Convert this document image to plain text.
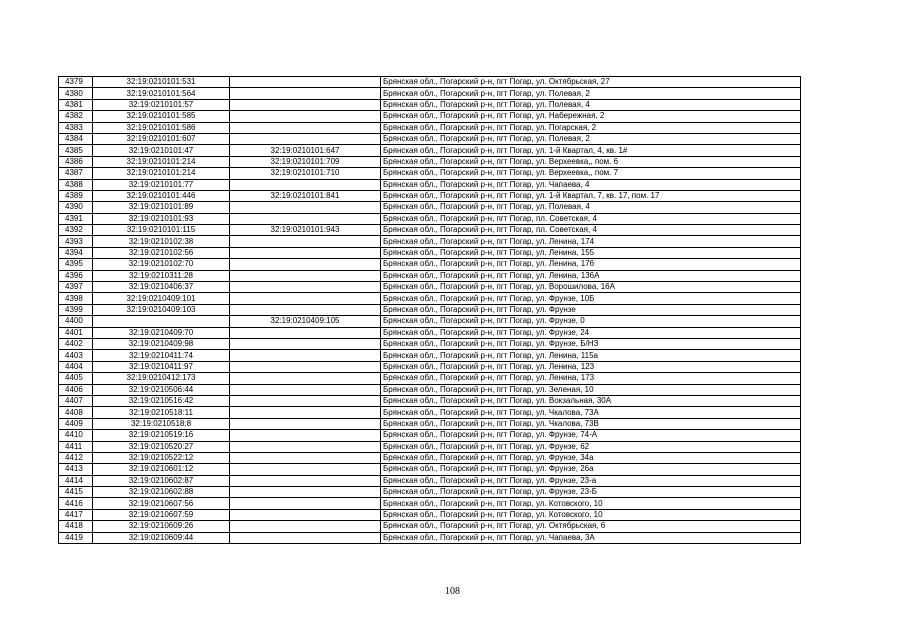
4379	32:19:0210101:531		Брянская обл., Погарский р-н, пгт Погар, ул. Октябрьская, 27
4380	32:19:0210101:564		Брянская обл., Погарский р-н, пгт Погар, ул. Полевая, 2
4381	32:19:0210101:57		Брянская обл., Погарский р-н, пгт Погар, ул. Полевая, 4
4382	32:19:0210101:585		Брянская обл., Погарский р-н, пгт Погар, ул. Набережная, 2
4383	32:19:0210101:586		Брянская обл., Погарский р-н, пгт Погар, ул. Погарская, 2
4384	32:19:0210101:607		Брянская обл., Погарский р-н, пгт Погар, ул. Полевая, 2
4385	32:19:0210101:47	32:19:0210101:647	Брянская обл., Погарский р-н, пгт Погар, ул. 1-й Квартал, 4, кв. 1#
4386	32:19:0210101:214	32:19:0210101:709	Брянская обл., Погарский р-н, пгт Погар, ул. Верхеевка,, пом. 6
4387	32:19:0210101:214	32:19:0210101:710	Брянская обл., Погарский р-н, пгт Погар, ул. Верхеевка,, пом. 7
4388	32:19:0210101:77		Брянская обл., Погарский р-н, пгт Погар, ул. Чапаева, 4
4389	32:19:0210101:446	32:19:0210101:841	Брянская обл., Погарский р-н, пгт Погар, ул. 1-й Квартал, 7, кв. 17, пом. 17
4390	32:19:0210101:89		Брянская обл., Погарский р-н, пгт Погар, ул. Полевая, 4
4391	32:19:0210101:93		Брянская обл., Погарский р-н, пгт Погар, пл. Советская, 4
4392	32:19:0210101:115	32:19:0210101:943	Брянская обл., Погарский р-н, пгт Погар, пл. Советская, 4
4393	32:19:0210102:38		Брянская обл., Погарский р-н, пгт Погар, ул. Ленина, 174
4394	32:19:0210102:56		Брянская обл., Погарский р-н, пгт Погар, ул. Ленина, 155
4395	32:19:0210102:70		Брянская обл., Погарский р-н, пгт Погар, ул. Ленина, 176
4396	32:19:0210311:28		Брянская обл., Погарский р-н, пгт Погар, ул. Ленина, 136А
4397	32:19:0210406:37		Брянская обл., Погарский р-н, пгт Погар, ул. Ворошилова, 16А
4398	32:19:0210409:101		Брянская обл., Погарский р-н, пгт Погар, ул. Фрунзе, 10Б
4399	32:19:0210409:103		Брянская обл., Погарский р-н, пгт Погар, ул. Фрунзе
4400		32:19:0210409:105	Брянская обл., Погарский р-н, пгт Погар, ул. Фрунзе, 0
4401	32:19:0210409:70		Брянская обл., Погарский р-н, пгт Погар, ул. Фрунзе, 24
4402	32:19:0210409:98		Брянская обл., Погарский р-н, пгт Погар, ул. Фрунзе, Б/НЗ
4403	32:19:0210411:74		Брянская обл., Погарский р-н, пгт Погар, ул. Ленина, 115а
4404	32:19:0210411:97		Брянская обл., Погарский р-н, пгт Погар, ул. Ленина, 123
4405	32:19:0210412:173		Брянская обл., Погарский р-н, пгт Погар, ул. Ленина, 173
4406	32:19:0210506:44		Брянская обл., Погарский р-н, пгт Погар, ул. Зеленая, 10
4407	32:19:0210516:42		Брянская обл., Погарский р-н, пгт Погар, ул. Вокзальная, 30А
4408	32:19:0210518:11		Брянская обл., Погарский р-н, пгт Погар, ул. Чкалова, 73А
4409	32:19:0210518:8		Брянская обл., Погарский р-н, пгт Погар, ул. Чкалова, 73В
4410	32:19:0210519:16		Брянская обл., Погарский р-н, пгт Погар, ул. Фрунзе, 74-А
4411	32:19:0210520:27		Брянская обл., Погарский р-н, пгт Погар, ул. Фрунзе, 62
4412	32:19:0210522:12		Брянская обл., Погарский р-н, пгт Погар, ул. Фрунзе, 34а
4413	32:19:0210601:12		Брянская обл., Погарский р-н, пгт Погар, ул. Фрунзе, 26а
4414	32:19:0210602:87		Брянская обл., Погарский р-н, пгт Погар, ул. Фрунзе, 23-а
4415	32:19:0210602:88		Брянская обл., Погарский р-н, пгт Погар, ул. Фрунзе, 23-Б
4416	32:19:0210607:56		Брянская обл., Погарский р-н, пгт Погар, ул. Котовского, 10
4417	32:19:0210607:59		Брянская обл., Погарский р-н, пгт Погар, ул. Котовского, 10
4418	32:19:0210609:26		Брянская обл., Погарский р-н, пгт Погар, ул. Октябрьская, 6
4419	32:19:0210609:44		Брянская обл., Погарский р-н, пгт Погар, ул. Чапаева, 3А
108
